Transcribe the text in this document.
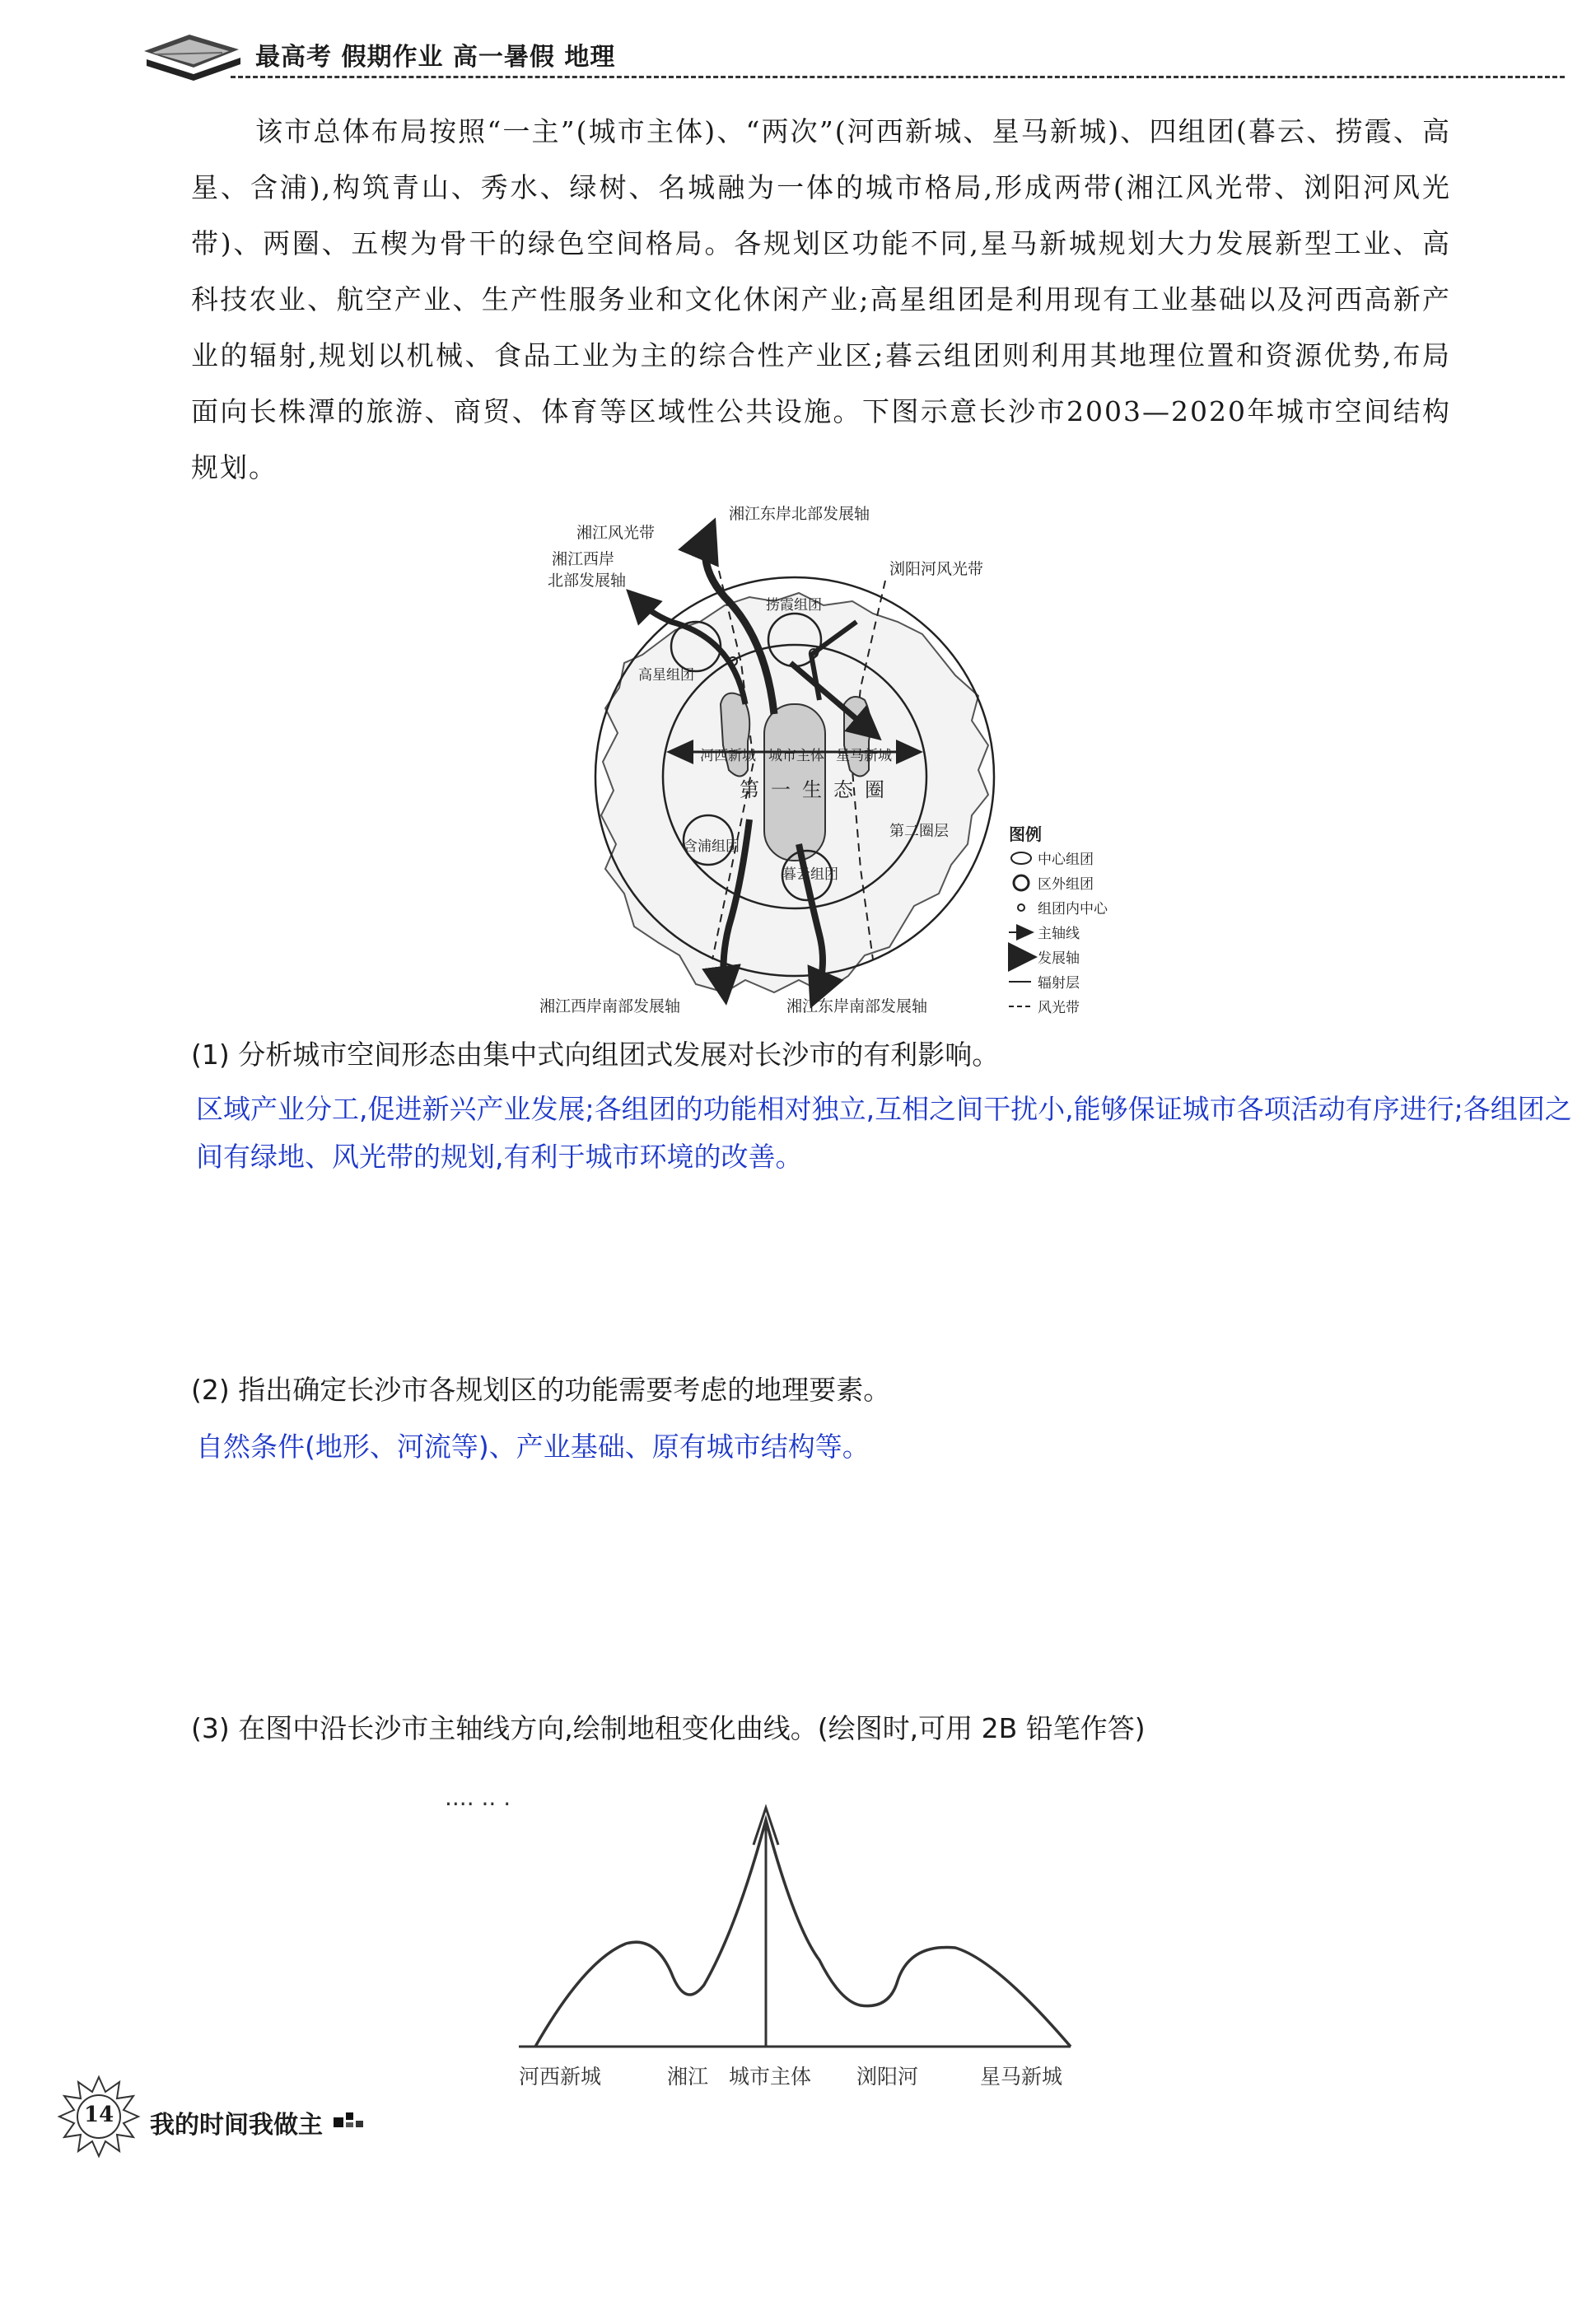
最高考 假期作业 高一暑假 地理

该市总体布局按照“一主”(城市主体)、“两次”(河西新城、星马新城)、四组团(暮云、捞霞、高星、含浦),构筑青山、秀水、绿树、名城融为一体的城市格局,形成两带(湘江风光带、浏阳河风光带)、两圈、五楔为骨干的绿色空间格局。各规划区功能不同,星马新城规划大力发展新型工业、高科技农业、航空产业、生产性服务业和文化休闲产业;高星组团是利用现有工业基础以及河西高新产业的辐射,规划以机械、食品工业为主的综合性产业区;暮云组团则利用其地理位置和资源优势,布局面向长株潭的旅游、商贸、体育等区域性公共设施。下图示意长沙市2003—2020年城市空间结构规划。

湘江风光带
湘江东岸北部发展轴
湘江西岸
北部发展轴
浏阳河风光带
捞霞组团
高星组团
河西新城 城市主体 星马新城
第一生态圈
第二圈层
含浦组团
暮云组团
湘江西岸南部发展轴	湘江东岸南部发展轴
图例
中心组团
区外组团
组团内中心
主轴线
发展轴
辐射层
风光带
(1) 分析城市空间形态由集中式向组团式发展对长沙市的有利影响。
区域产业分工,促进新兴产业发展;各组团的功能相对独立,互相之间干扰小,能够保证城市各项活动有序进行;各组团之间有绿地、风光带的规划,有利于城市环境的改善。
(2) 指出确定长沙市各规划区的功能需要考虑的地理要素。
自然条件(地形、河流等)、产业基础、原有城市结构等。
(3) 在图中沿长沙市主轴线方向,绘制地租变化曲线。(绘图时,可用 2B 铅笔作答)
···· ·· ·
河西新城	湘江 城市主体 浏阳河	星马新城
14 我的时间我做主
